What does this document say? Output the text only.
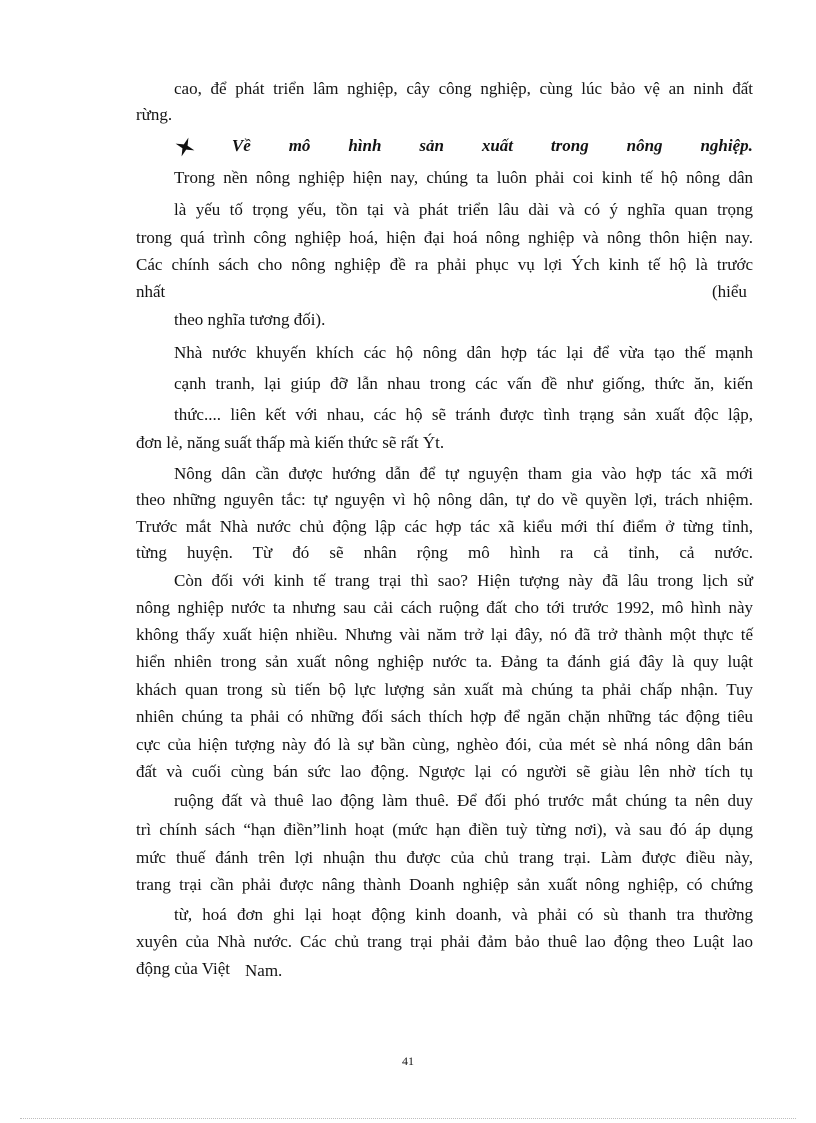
cao, để phát triển lâm nghiệp, cây công nghiệp, cùng lúc bảo vệ an ninh đất
rừng.
Về mô hình sản xuất trong nông nghiệp.
Trong nền nông nghiệp hiện nay, chúng ta luôn phải coi kinh tế hộ nông dân
là yếu tố trọng yếu, tồn tại và phát triển lâu dài và có ý nghĩa quan trọng
trong quá trình công nghiệp hoá, hiện đại hoá nông nghiệp và nông thôn hiện nay.
Các chính sách cho nông nghiệp đề ra phải phục vụ lợi Ých kinh tế hộ là trước
nhất	(hiểu
theo nghĩa tương đối).
Nhà nước khuyến khích các hộ nông dân hợp tác lại để vừa tạo thế mạnh
cạnh tranh, lại giúp đỡ lẫn nhau trong các vấn đề như giống, thức ăn, kiến
thức.... liên kết với nhau, các hộ sẽ tránh được tình trạng sản xuất độc lập,
đơn lẻ, năng suất thấp mà kiến thức sẽ rất Ýt.
Nông dân cần được hướng dẫn để tự nguyện tham gia vào hợp tác xã mới
theo những nguyên tắc: tự nguyện vì hộ nông dân, tự do về quyền lợi, trách nhiệm.
Trước mắt Nhà nước chủ động lập các hợp tác xã kiểu mới thí điểm ở từng tỉnh,
từng huyện. Từ đó sẽ nhân rộng mô hình ra cả tỉnh, cả nước.
Còn đối với kinh tế trang trại thì sao? Hiện tượng này đã lâu trong lịch sử
nông nghiệp nước ta nhưng sau cải cách ruộng đất cho tới trước 1992, mô hình này
không thấy xuất hiện nhiều. Nhưng vài năm trở lại đây, nó đã trở thành một thực tế
hiển nhiên trong sản xuất nông nghiệp nước ta. Đảng ta đánh giá đây là quy luật
khách quan trong sù tiến bộ lực lượng sản xuất mà chúng ta phải chấp nhận. Tuy
nhiên chúng ta phải có những đối sách thích hợp để ngăn chặn những tác động tiêu
cực của hiện tượng này đó là sự bần cùng, nghèo đói, của mét sè nhá nông dân bán
đất và cuối cùng bán sức lao động. Ngược lại có người sẽ giàu lên nhờ tích tụ
ruộng đất và thuê lao động làm thuê. Để đối phó trước mắt chúng ta nên duy
trì chính sách “hạn điền”linh hoạt (mức hạn điền tuỳ từng nơi), và sau đó áp dụng
mức thuế đánh trên lợi nhuận thu được của chủ trang trại. Làm được điều này,
trang trại cần phải được nâng thành Doanh nghiệp sản xuất nông nghiệp, có chứng
từ, hoá đơn ghi lại hoạt động kinh doanh, và phải có sù thanh tra thường
xuyên của Nhà nước. Các chủ trang trại phải đảm bảo thuê lao động theo Luật lao
động của Việt Nam.
41
